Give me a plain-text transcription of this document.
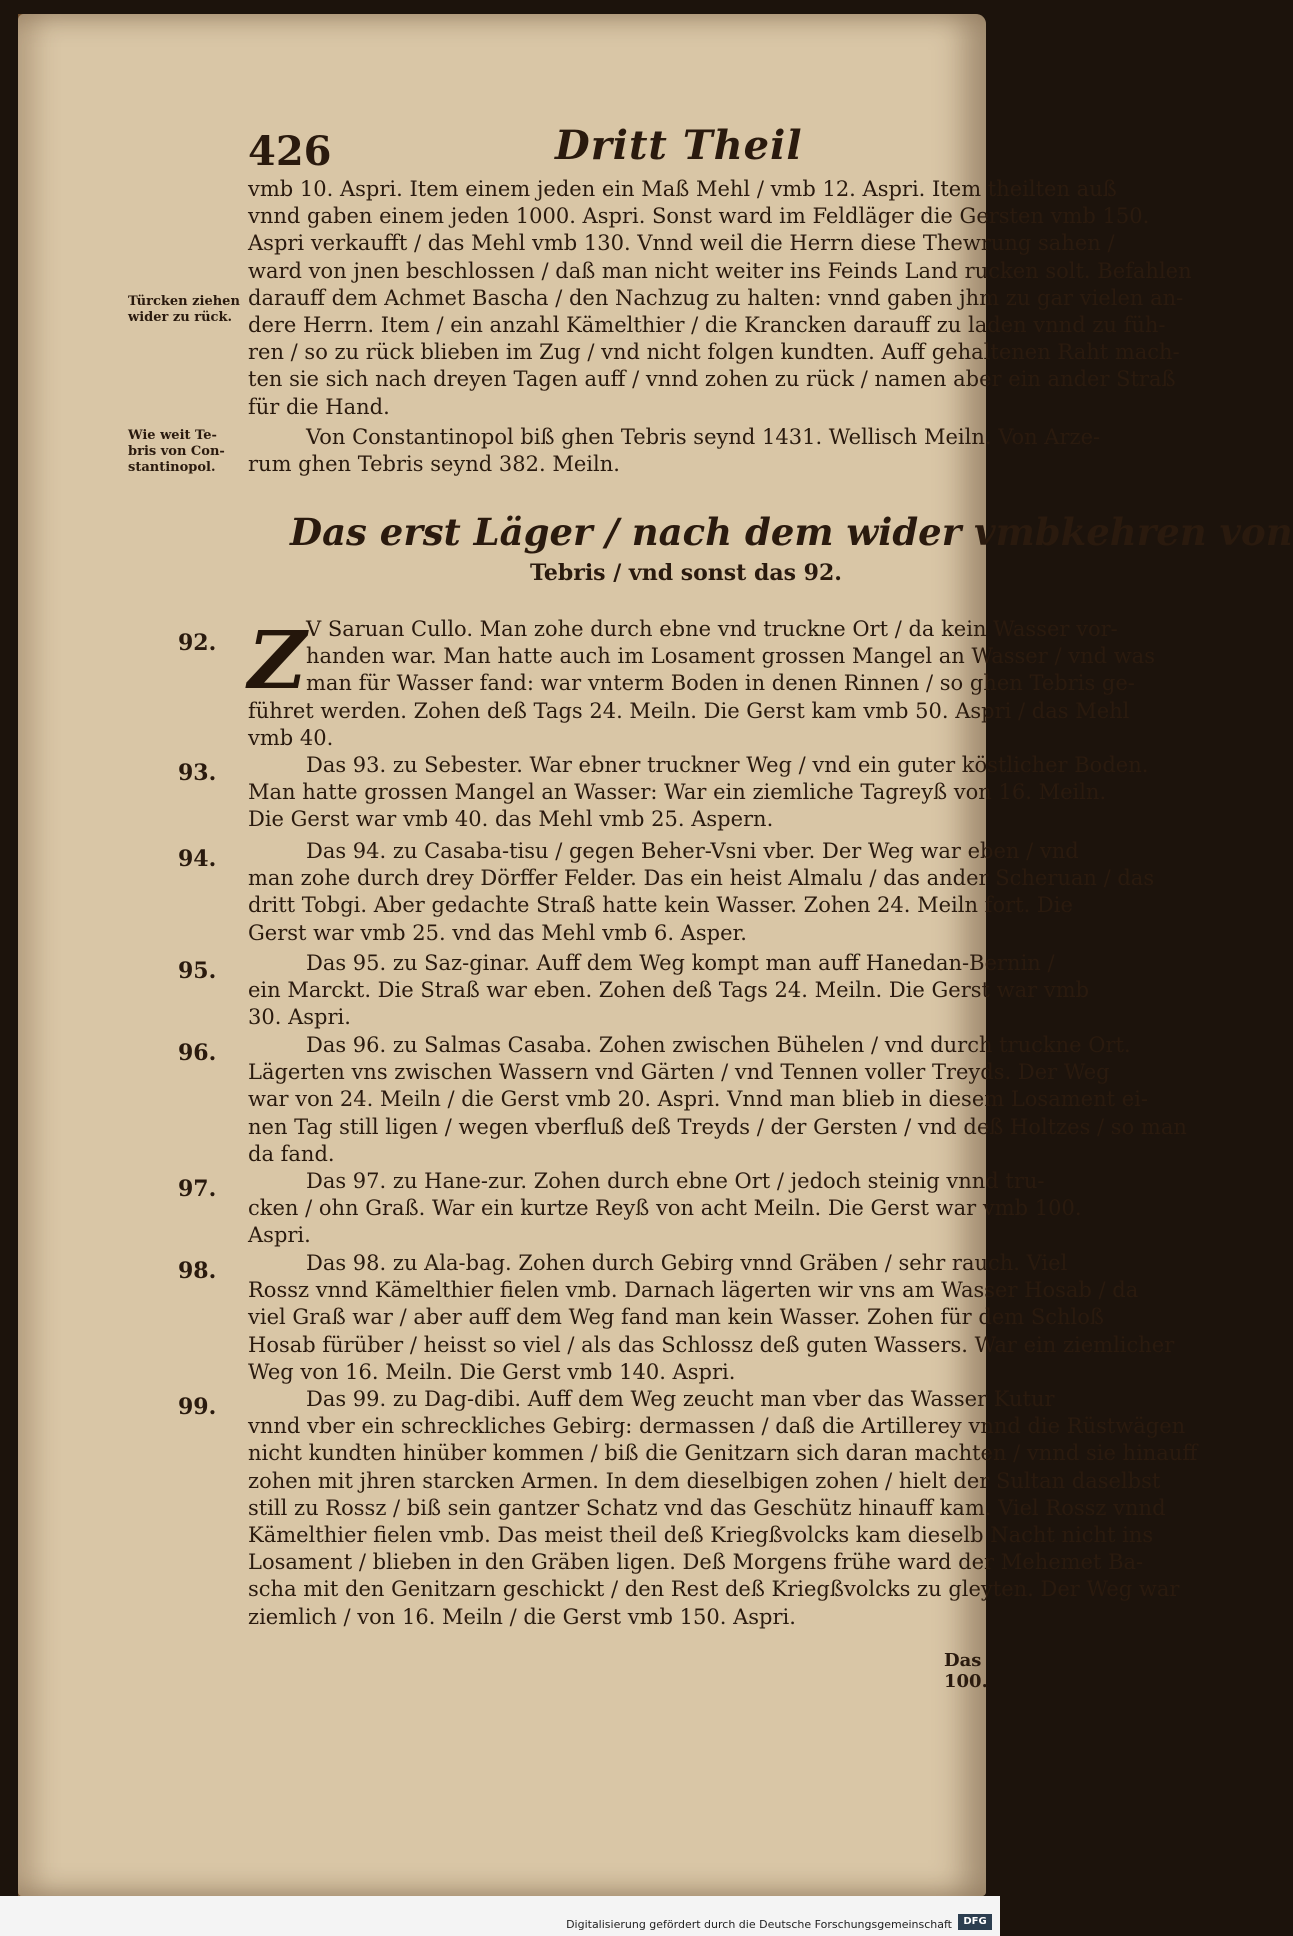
426	Dritt Theil
vmb 10. Aspri. Item einem jeden ein Maß Mehl / vmb 12. Aspri. Item theilten auß
vnnd gaben einem jeden 1000. Aspri. Sonst ward im Feldläger die Gersten vmb 150.
Aspri verkaufft / das Mehl vmb 130. Vnnd weil die Herrn diese Thewrung sahen /
ward von jnen beschlossen / daß man nicht weiter ins Feinds Land rucken solt. Befahlen
darauff dem Achmet Bascha / den Nachzug zu halten: vnnd gaben jhm zu gar vielen an-
dere Herrn. Item / ein anzahl Kämelthier / die Krancken darauff zu laden vnnd zu füh-
ren / so zu rück blieben im Zug / vnd nicht folgen kundten. Auff gehaltenen Raht mach-
ten sie sich nach dreyen Tagen auff / vnnd zohen zu rück / namen aber ein ander Straß
für die Hand.
Türcken ziehen
wider zu rück.
Von Constantinopol biß ghen Tebris seynd 1431. Wellisch Meiln. Von Arze-
rum ghen Tebris seynd 382. Meiln.
Wie weit Te-
bris von Con-
stantinopol.
Das erst Läger / nach dem wider vmbkehren von
Tebris / vnd sonst das 92.
92. Z V Saruan Cullo. Man zohe durch ebne vnd truckne Ort / da kein Wasser vor-
handen war. Man hatte auch im Losament grossen Mangel an Wasser / vnd was
man für Wasser fand: war vnterm Boden in denen Rinnen / so ghen Tebris ge-
führet werden. Zohen deß Tags 24. Meiln. Die Gerst kam vmb 50. Aspri / das Mehl
vmb 40.
93.	Das 93. zu Sebester. War ebner truckner Weg / vnd ein guter köstlicher Boden.
Man hatte grossen Mangel an Wasser: War ein ziemliche Tagreyß von 16. Meiln.
Die Gerst war vmb 40. das Mehl vmb 25. Aspern.
94.	Das 94. zu Casaba-tisu / gegen Beher-Vsni vber. Der Weg war eben / vnd
man zohe durch drey Dörffer Felder. Das ein heist Almalu / das ander Scheruan / das
dritt Tobgi. Aber gedachte Straß hatte kein Wasser. Zohen 24. Meiln fort. Die
Gerst war vmb 25. vnd das Mehl vmb 6. Asper.
95.	Das 95. zu Saz-ginar. Auff dem Weg kompt man auff Hanedan-Bernin /
ein Marckt. Die Straß war eben. Zohen deß Tags 24. Meiln. Die Gerst war vmb
30. Aspri.
96.	Das 96. zu Salmas Casaba. Zohen zwischen Bühelen / vnd durch truckne Ort.
Lägerten vns zwischen Wassern vnd Gärten / vnd Tennen voller Treyds. Der Weg
war von 24. Meiln / die Gerst vmb 20. Aspri. Vnnd man blieb in diesem Losament ei-
nen Tag still ligen / wegen vberfluß deß Treyds / der Gersten / vnd deß Holtzes / so man
da fand.
97.	Das 97. zu Hane-zur. Zohen durch ebne Ort / jedoch steinig vnnd tru-
cken / ohn Graß. War ein kurtze Reyß von acht Meiln. Die Gerst war vmb 100.
Aspri.
98.	Das 98. zu Ala-bag. Zohen durch Gebirg vnnd Gräben / sehr rauch. Viel
Rossz vnnd Kämelthier fielen vmb. Darnach lägerten wir vns am Wasser Hosab / da
viel Graß war / aber auff dem Weg fand man kein Wasser. Zohen für dem Schloß
Hosab fürüber / heisst so viel / als das Schlossz deß guten Wassers. War ein ziemlicher
Weg von 16. Meiln. Die Gerst vmb 140. Aspri.
99.	Das 99. zu Dag-dibi. Auff dem Weg zeucht man vber das Wasser Kutur
vnnd vber ein schreckliches Gebirg: dermassen / daß die Artillerey vnnd die Rüstwägen
nicht kundten hinüber kommen / biß die Genitzarn sich daran machten / vnnd sie hinauff
zohen mit jhren starcken Armen. In dem dieselbigen zohen / hielt der Sultan daselbst
still zu Rossz / biß sein gantzer Schatz vnd das Geschütz hinauff kam. Viel Rossz vnnd
Kämelthier fielen vmb. Das meist theil deß Kriegßvolcks kam dieselb Nacht nicht ins
Losament / blieben in den Gräben ligen. Deß Morgens frühe ward der Mehemet Ba-
scha mit den Genitzarn geschickt / den Rest deß Kriegßvolcks zu gleyten. Der Weg war
ziemlich / von 16. Meiln / die Gerst vmb 150. Aspri.
Das 100.
Digitalisierung gefördert durch die Deutsche Forschungsgemeinschaft	DFG
